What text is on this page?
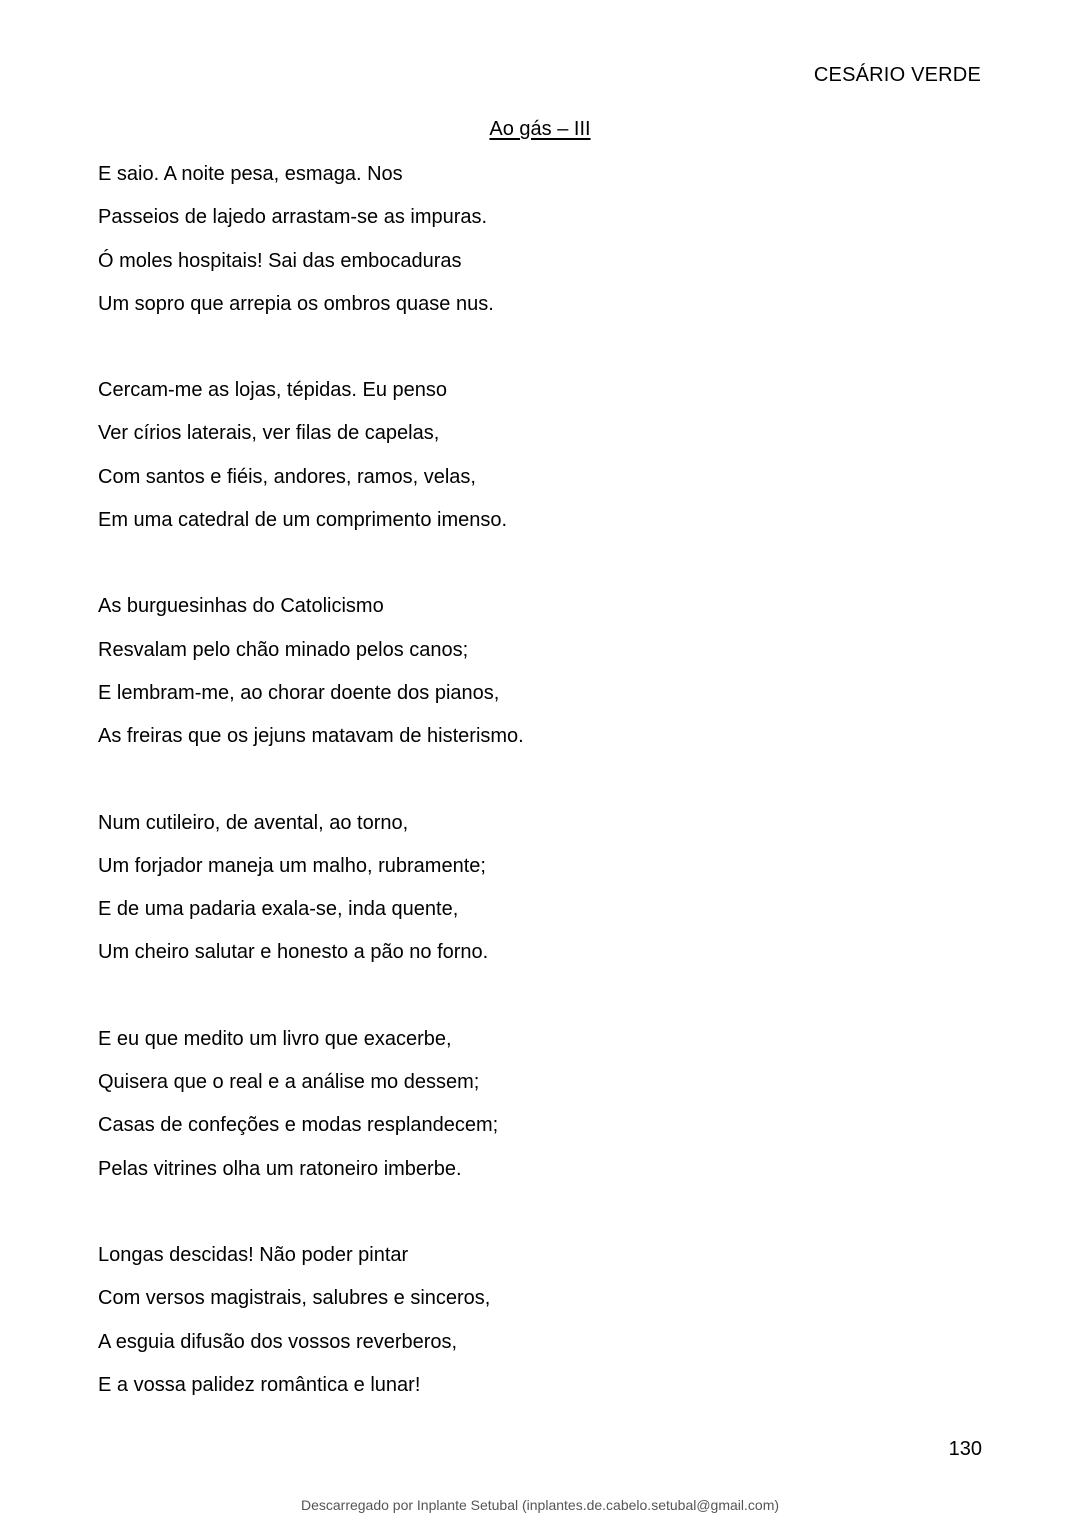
CESÁRIO VERDE
Ao gás – III
E saio. A noite pesa, esmaga. Nos
Passeios de lajedo arrastam-se as impuras.
Ó moles hospitais! Sai das embocaduras
Um sopro que arrepia os ombros quase nus.
Cercam-me as lojas, tépidas. Eu penso
Ver círios laterais, ver filas de capelas,
Com santos e fiéis, andores, ramos, velas,
Em uma catedral de um comprimento imenso.
As burguesinhas do Catolicismo
Resvalam pelo chão minado pelos canos;
E lembram-me, ao chorar doente dos pianos,
As freiras que os jejuns matavam de histerismo.
Num cutileiro, de avental, ao torno,
Um forjador maneja um malho, rubramente;
E de uma padaria exala-se, inda quente,
Um cheiro salutar e honesto a pão no forno.
E eu que medito um livro que exacerbe,
Quisera que o real e a análise mo dessem;
Casas de confeções e modas resplandecem;
Pelas vitrines olha um ratoneiro imberbe.
Longas descidas! Não poder pintar
Com versos magistrais, salubres e sinceros,
A esguia difusão dos vossos reverberos,
E a vossa palidez romântica e lunar!
130
Descarregado por Inplante Setubal (inplantes.de.cabelo.setubal@gmail.com)
